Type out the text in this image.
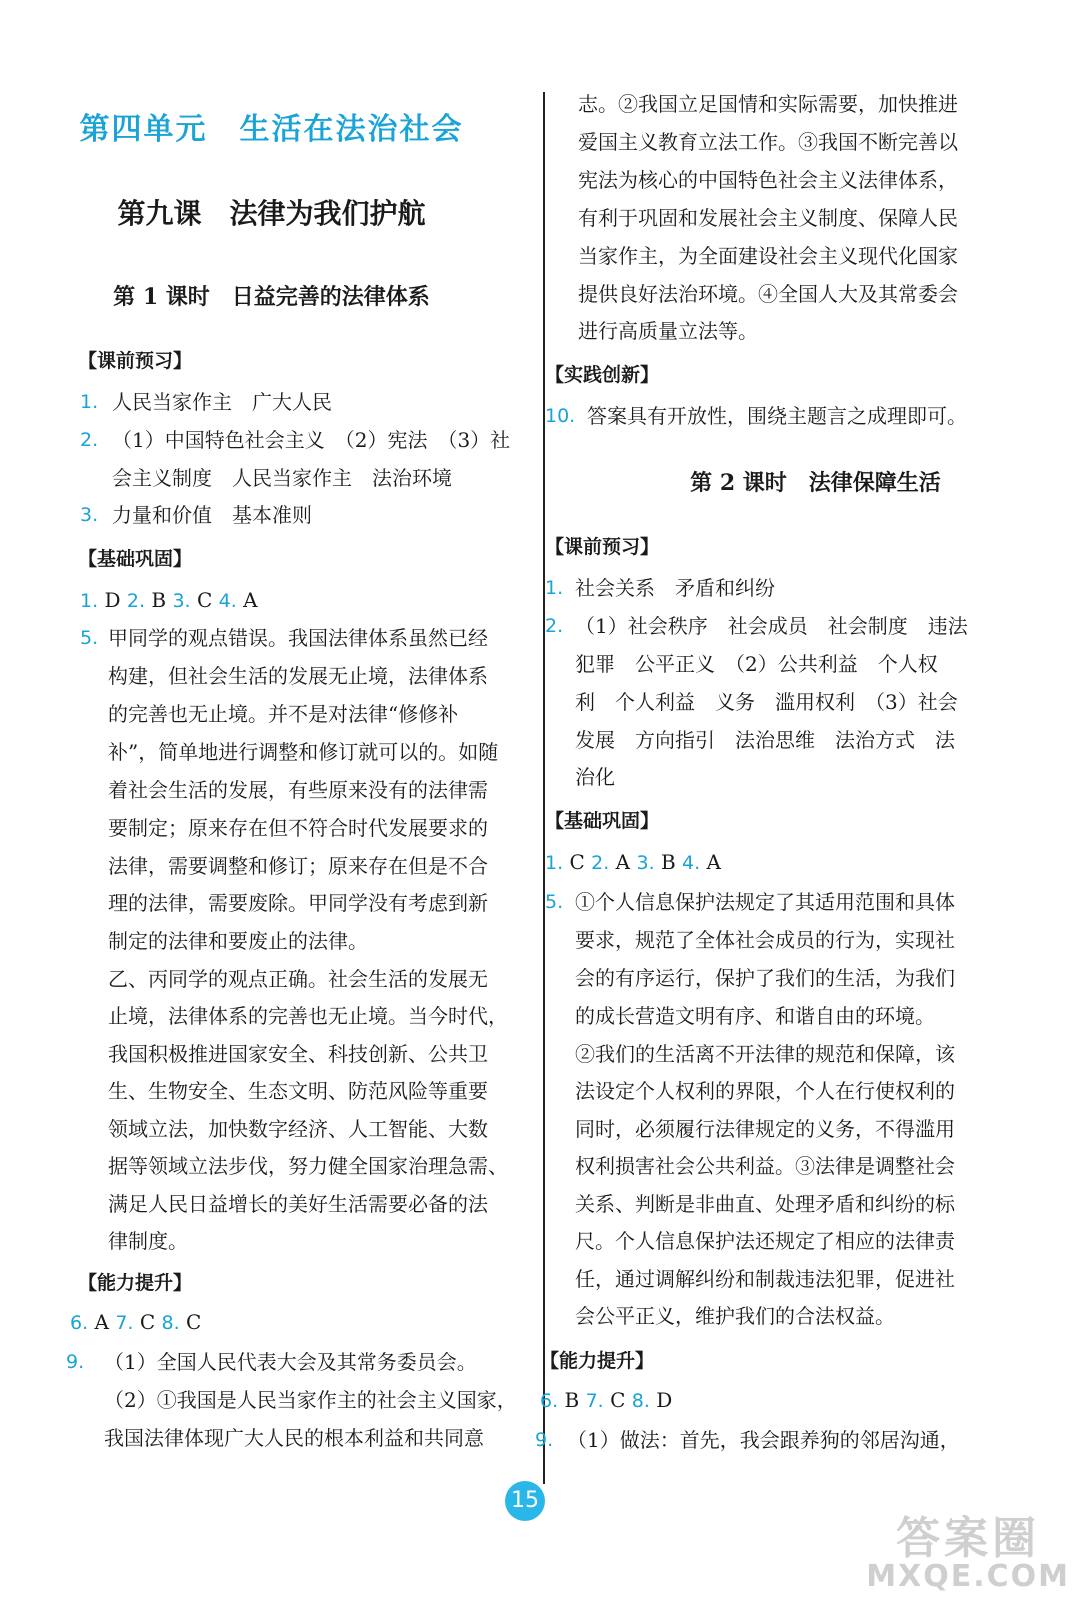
第四单元　生活在法治社会
第九课　法律为我们护航
第 1 课时　日益完善的法律体系
【课前预习】
1. 人民当家作主　广大人民
2. （1）中国特色社会主义　（2）宪法　（3）社
会主义制度　人民当家作主　法治环境
3. 力量和价值　基本准则
【基础巩固】
1. D 2. B 3. C 4. A
5. 甲同学的观点错误。我国法律体系虽然已经
构建，但社会生活的发展无止境，法律体系
的完善也无止境。并不是对法律“修修补
补”，简单地进行调整和修订就可以的。如随
着社会生活的发展，有些原来没有的法律需
要制定；原来存在但不符合时代发展要求的
法律，需要调整和修订；原来存在但是不合
理的法律，需要废除。甲同学没有考虑到新
制定的法律和要废止的法律。
乙、丙同学的观点正确。社会生活的发展无
止境，法律体系的完善也无止境。当今时代，
我国积极推进国家安全、科技创新、公共卫
生、生物安全、生态文明、防范风险等重要
领域立法，加快数字经济、人工智能、大数
据等领域立法步伐，努力健全国家治理急需、
满足人民日益增长的美好生活需要必备的法
律制度。
【能力提升】
6. A 7. C 8. C
9. （1）全国人民代表大会及其常务委员会。
（2）①我国是人民当家作主的社会主义国家，
我国法律体现广大人民的根本利益和共同意
志。②我国立足国情和实际需要，加快推进
爱国主义教育立法工作。③我国不断完善以
宪法为核心的中国特色社会主义法律体系，
有利于巩固和发展社会主义制度、保障人民
当家作主，为全面建设社会主义现代化国家
提供良好法治环境。④全国人大及其常委会
进行高质量立法等。
【实践创新】
10. 答案具有开放性，围绕主题言之成理即可。
第 2 课时　法律保障生活
【课前预习】
1. 社会关系　矛盾和纠纷
2. （1）社会秩序　社会成员　社会制度　违法
犯罪　公平正义　（2）公共利益　个人权
利　个人利益　义务　滥用权利　（3）社会
发展　方向指引　法治思维　法治方式　法
治化
【基础巩固】
1. C 2. A 3. B 4. A
5. ①个人信息保护法规定了其适用范围和具体
要求，规范了全体社会成员的行为，实现社
会的有序运行，保护了我们的生活，为我们
的成长营造文明有序、和谐自由的环境。
②我们的生活离不开法律的规范和保障，该
法设定个人权利的界限，个人在行使权利的
同时，必须履行法律规定的义务，不得滥用
权利损害社会公共利益。③法律是调整社会
关系、判断是非曲直、处理矛盾和纠纷的标
尺。个人信息保护法还规定了相应的法律责
任，通过调解纠纷和制裁违法犯罪，促进社
会公平正义，维护我们的合法权益。
【能力提升】
6. B 7. C 8. D
9. （1）做法：首先，我会跟养狗的邻居沟通，
15
答案圈
MXQE.COM
